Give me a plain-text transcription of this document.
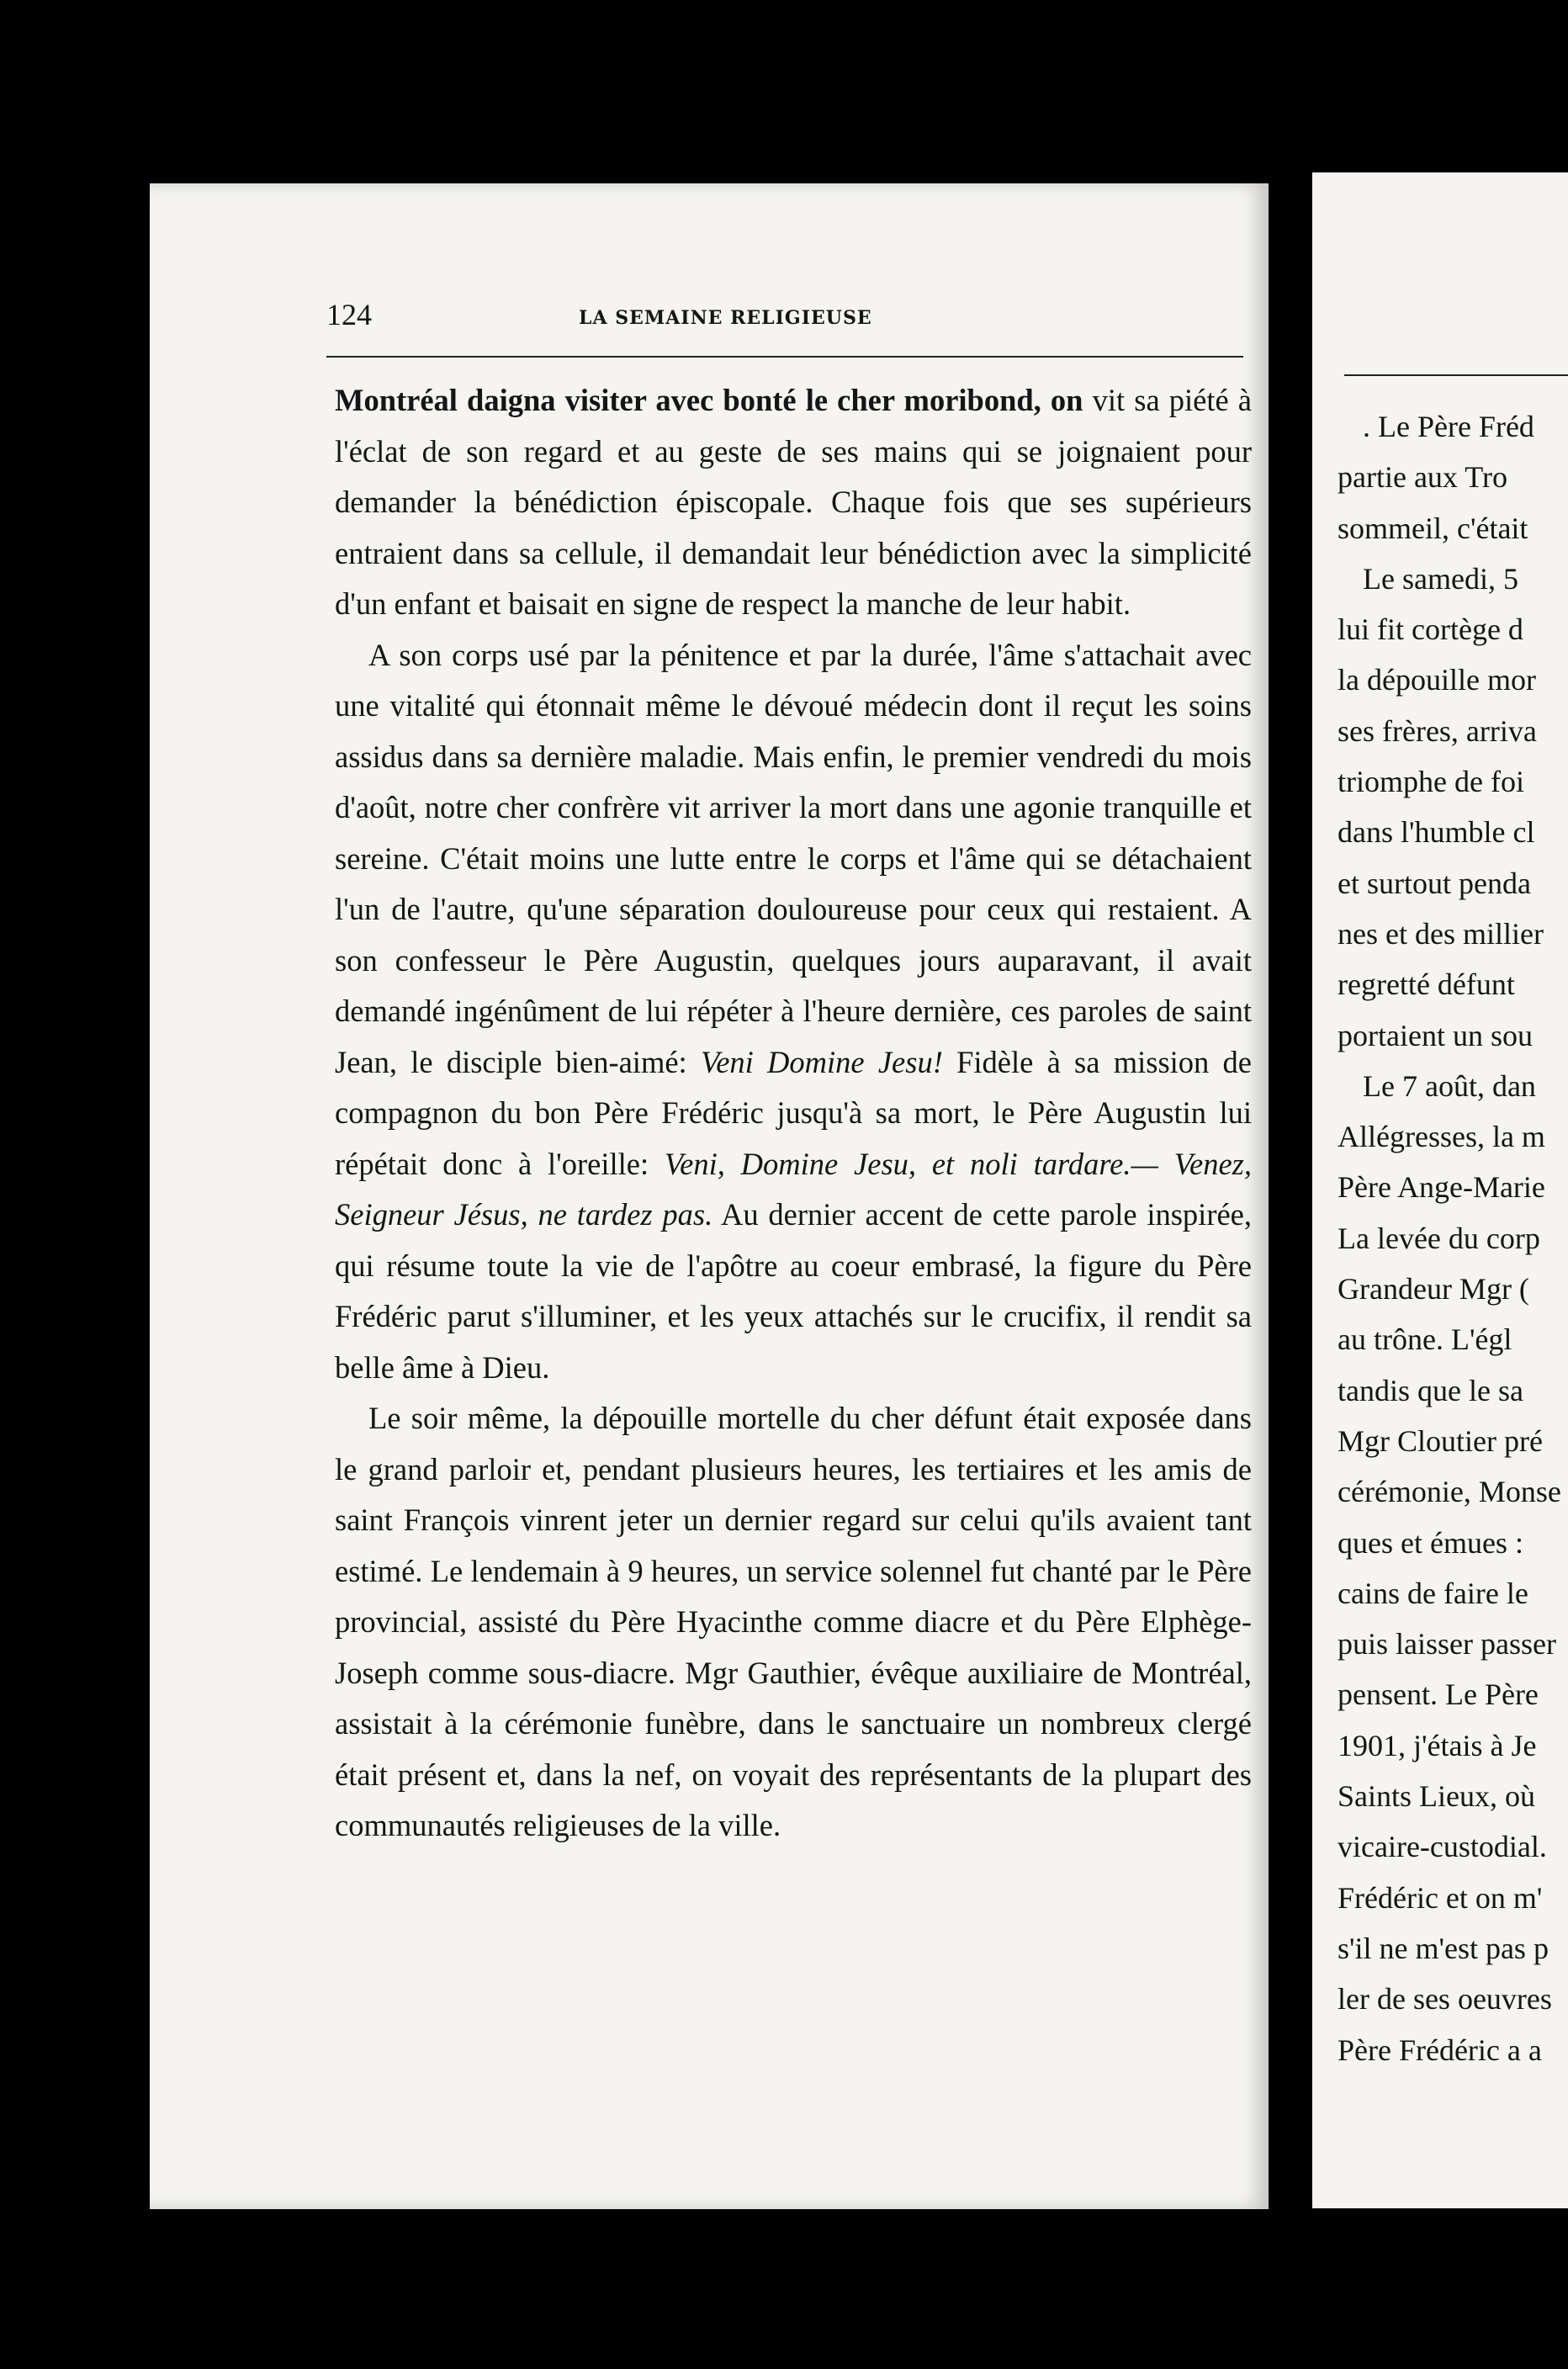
124	LA SEMAINE RELIGIEUSE

Montréal daigna visiter avec bonté le cher moribond, on vit sa piété à l'éclat de son regard et au geste de ses mains qui se joignaient pour demander la bénédiction épiscopale. Chaque fois que ses supérieurs entraient dans sa cellule, il demandait leur bénédiction avec la simplicité d'un enfant et baisait en signe de respect la manche de leur habit.

A son corps usé par la pénitence et par la durée, l'âme s'attachait avec une vitalité qui étonnait même le dévoué médecin dont il reçut les soins assidus dans sa dernière maladie. Mais enfin, le premier vendredi du mois d'août, notre cher confrère vit arriver la mort dans une agonie tranquille et sereine. C'était moins une lutte entre le corps et l'âme qui se détachaient l'un de l'autre, qu'une séparation douloureuse pour ceux qui restaient. A son confesseur le Père Augustin, quelques jours auparavant, il avait demandé ingénûment de lui répéter à l'heure dernière, ces paroles de saint Jean, le disciple bien-aimé: Veni Domine Jesu! Fidèle à sa mission de compagnon du bon Père Frédéric jusqu'à sa mort, le Père Augustin lui répétait donc à l'oreille: Veni, Domine Jesu, et noli tardare.— Venez, Seigneur Jésus, ne tardez pas. Au dernier accent de cette parole inspirée, qui résume toute la vie de l'apôtre au coeur embrasé, la figure du Père Frédéric parut s'illuminer, et les yeux attachés sur le crucifix, il rendit sa belle âme à Dieu.

Le soir même, la dépouille mortelle du cher défunt était exposée dans le grand parloir et, pendant plusieurs heures, les tertiaires et les amis de saint François vinrent jeter un dernier regard sur celui qu'ils avaient tant estimé. Le lendemain à 9 heures, un service solennel fut chanté par le Père provincial, assisté du Père Hyacinthe comme diacre et du Père Elphège-Joseph comme sous-diacre. Mgr Gauthier, évêque auxiliaire de Montréal, assistait à la cérémonie funèbre, dans le sanctuaire un nombreux clergé était présent et, dans la nef, on voyait des représentants de la plupart des communautés religieuses de la ville.

. Le Père Fréd
partie aux Tro
sommeil, c'était
Le samedi, 5
lui fit cortège d
la dépouille mor
ses frères, arriva
triomphe de foi
dans l'humble cl
et surtout penda
nes et des millier
regretté défunt
portaient un sou
Le 7 août, dan
Allégresses, la m
Père Ange-Marie
La levée du corp
Grandeur Mgr (
au trône. L'égl
tandis que le sa
Mgr Cloutier pré
cérémonie, Monse
ques et émues :
cains de faire le
puis laisser passer
pensent. Le Père
1901, j'étais à Je
Saints Lieux, où
vicaire-custodial.
Frédéric et on m'
s'il ne m'est pas p
ler de ses oeuvres
Père Frédéric a a
